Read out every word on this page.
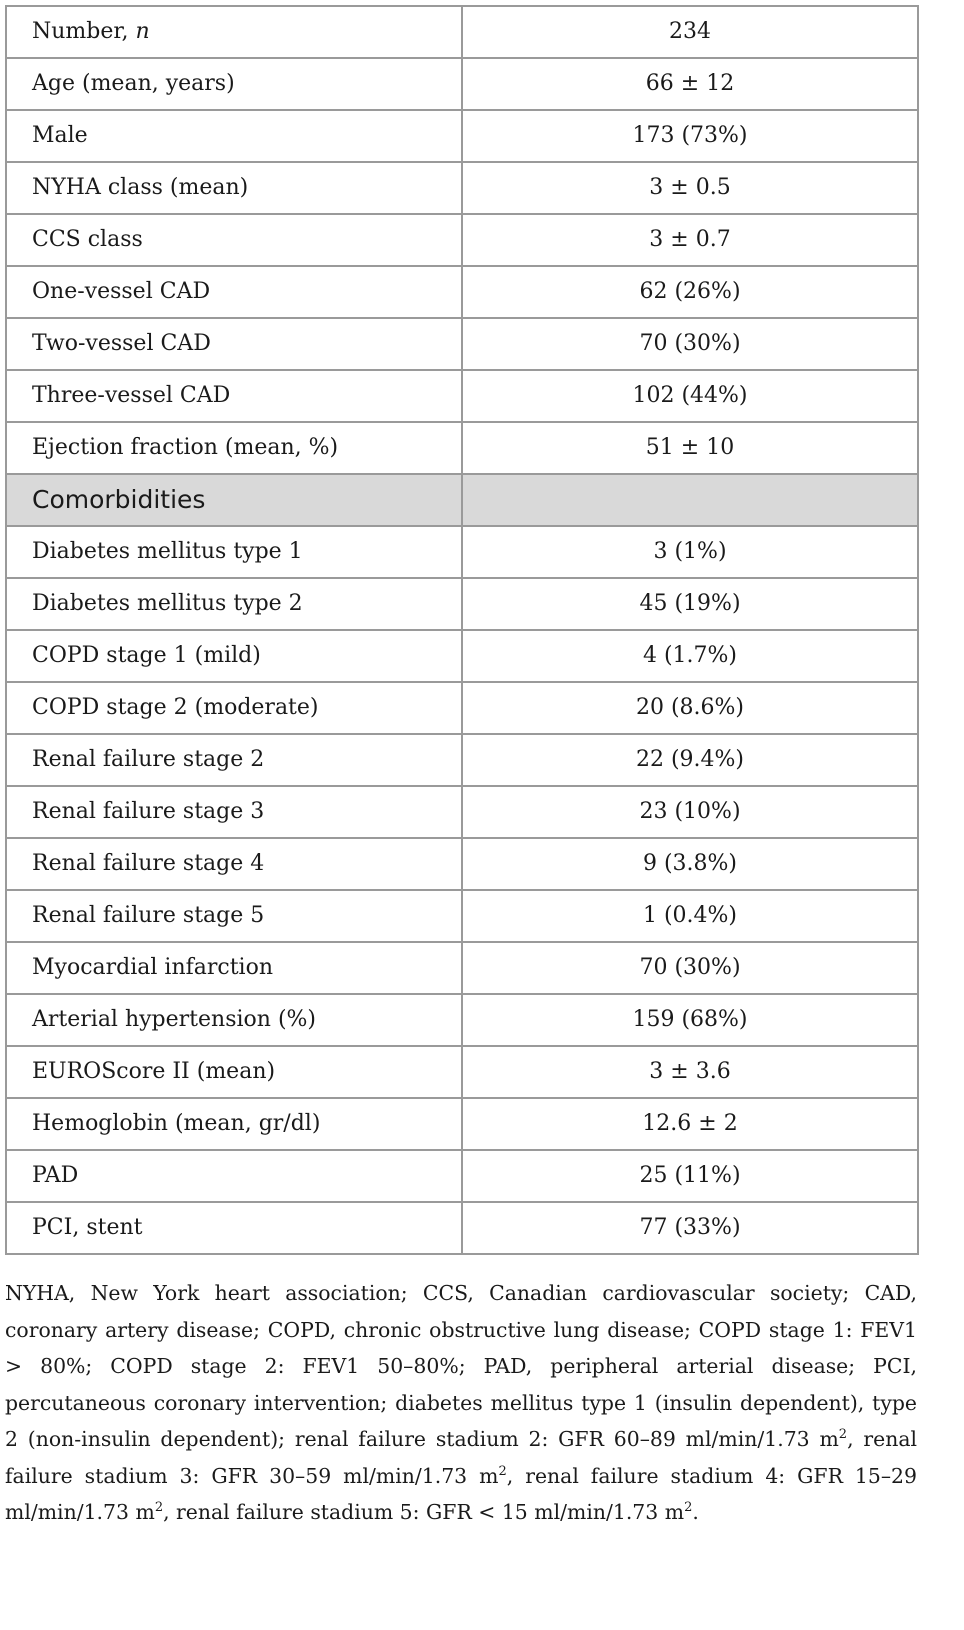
Number, n	234
Age (mean, years)	66 ± 12
Male	173 (73%)
NYHA class (mean)	3 ± 0.5
CCS class	3 ± 0.7
One-vessel CAD	62 (26%)
Two-vessel CAD	70 (30%)
Three-vessel CAD	102 (44%)
Ejection fraction (mean, %)	51 ± 10
Comorbidities	
Diabetes mellitus type 1	3 (1%)
Diabetes mellitus type 2	45 (19%)
COPD stage 1 (mild)	4 (1.7%)
COPD stage 2 (moderate)	20 (8.6%)
Renal failure stage 2	22 (9.4%)
Renal failure stage 3	23 (10%)
Renal failure stage 4	9 (3.8%)
Renal failure stage 5	1 (0.4%)
Myocardial infarction	70 (30%)
Arterial hypertension (%)	159 (68%)
EUROScore II (mean)	3 ± 3.6
Hemoglobin (mean, gr/dl)	12.6 ± 2
PAD	25 (11%)
PCI, stent	77 (33%)
NYHA, New York heart association; CCS, Canadian cardiovascular society; CAD, coronary artery disease; COPD, chronic obstructive lung disease; COPD stage 1: FEV1 > 80%; COPD stage 2: FEV1 50–80%; PAD, peripheral arterial disease; PCI, percutaneous coronary intervention; diabetes mellitus type 1 (insulin dependent), type 2 (non-insulin dependent); renal failure stadium 2: GFR 60–89 ml/min/1.73 $m^2$, renal failure stadium 3: GFR 30–59 ml/min/1.73 $m^2$, renal failure stadium 4: GFR 15–29 ml/min/1.73 $m^2$, renal failure stadium 5: GFR < 15 ml/min/1.73 $m^2$.
